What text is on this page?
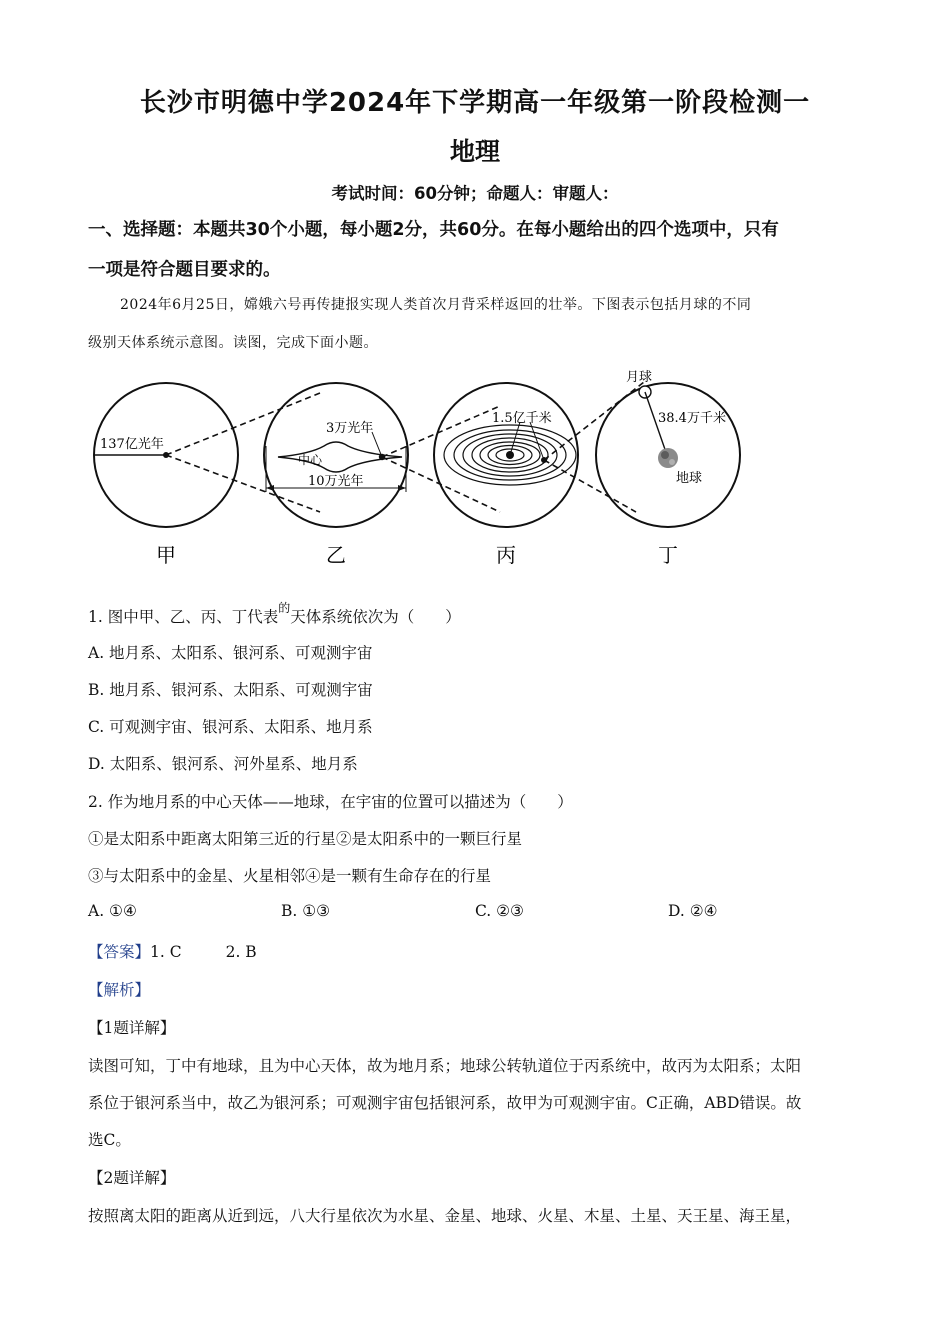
长沙市明德中学2024年下学期高一年级第一阶段检测一
地理
考试时间：60分钟；命题人：审题人：
一、选择题：本题共30个小题，每小题2分，共60分。在每小题给出的四个选项中，只有
一项是符合题目要求的。
2024年6月25日，嫦娥六号再传捷报实现人类首次月背采样返回的壮举。下图表示包括月球的不同
级别天体系统示意图。读图，完成下面小题。
137亿光年
3万光年
中心
10万光年
1.5亿千米
月球
38.4万千米
地球
甲	乙	丙	丁
1. 图中甲、乙、丙、丁代表$^的$天体系统依次为（　　）
A. 地月系、太阳系、银河系、可观测宇宙
B. 地月系、银河系、太阳系、可观测宇宙
C. 可观测宇宙、银河系、太阳系、地月系
D. 太阳系、银河系、河外星系、地月系
2. 作为地月系的中心天体——地球，在宇宙的位置可以描述为（　　）
①是太阳系中距离太阳第三近的行星②是太阳系中的一颗巨行星
③与太阳系中的金星、火星相邻④是一颗有生命存在的行星
A. ①④	B. ①③	C. ②③	D. ②④
【答案】1. C	2. B
【解析】
【1题详解】
读图可知，丁中有地球，且为中心天体，故为地月系；地球公转轨道位于丙系统中，故丙为太阳系；太阳
系位于银河系当中，故乙为银河系；可观测宇宙包括银河系，故甲为可观测宇宙。C正确，ABD错误。故
选C。
【2题详解】
按照离太阳的距离从近到远，八大行星依次为水星、金星、地球、火星、木星、土星、天王星、海王星，
